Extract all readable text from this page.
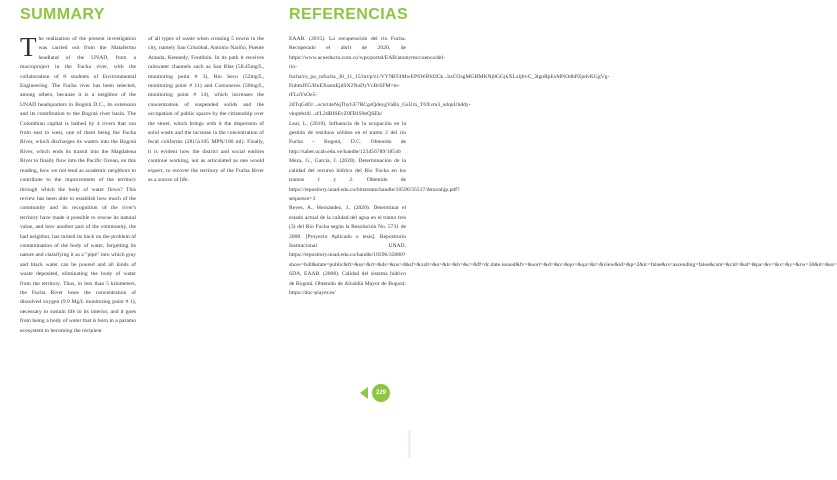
SUMMARY	REFERENCIAS
The realization of the present investigation was carried out from the Matafermo headland of the UNAD, from a macroproject in the Fucha river, with the collaboration of 8 students of Environmental Engineering. The Fucha river has been selected, among others, because it is a neighbor of the UNAD headquarters in Bogotá D.C., its extension and its contribution to the Bogotá river basin. The Colombian capital is bathed by 4 rivers that run from east to west, one of them being the Fucha River, which discharges its waters into the Bogotá River, which ends its transit into the Magdalena River to finally flow into the Pacific Ocean, on this reading, how we not tend as academic neighbors to contribute to the improvement of the territory through which the body of water flows? This review has been able to establish how much of the community and its recognition of the river's territory have made it possible to rescue its natural value, and how another part of the community, the bad neighbor, has turned its back on the problem of contamination of the body of water, forgetting its nature and classifying it as a "pipe" into which gray and black water can be poured and all kinds of waste deposited, eliminating the body of water from the territory. Thus, in less than 5 kilometers, the Fucha River loses the concentration of dissolved oxygen (9.9 Mg/L monitoring point # 1), necessary to sustain life in its interior, and it goes from being a body of water that is born in a paramo ecosystem to becoming the recipient
of all types of waste when crossing 5 towns in the city, namely San Cristóbal, Antonio Nariño, Puente Aranda, Kennedy, Fontibón. In its path it receives rainwater channels such as San Blas (58.45mg/L, monitoring point # 3), Río Seco (52mg/L, monitoring point # 11) and Comuneros (50mg/L, monitoring point # 14), which increases the concentration of suspended solids and the occupation of public spaces by the citizenship over the street, which brings with it the dispersion of solid waste and the increase in the concentration of fecal coliforms (2815x105 MPN/100 ml). Finally, it is evident how the district and social entities continue working, not as articulated as one would expect, to recover the territory of the Fucha River as a source of life.
EAAB. (2015). La recuperación del río Fucha. Recuperado el abril de 2020, de https://www.acueducto.com.co/wps/portal/EAB/anonyms/cuenca/del-rio-fucha/ro_pa_rofucha_30_11_15/lut/p/z1/VY9BT4MwEPSWBfd3Ck...bzCOsgMGHMKNj8GGjkXLxljltvC_3lgnRpEsMNOdbPZpdvKGgVg-FnbmJFG/BnEXssmEjdSX2NuDyVcBrSFM=m-tFLnYsOe5-2dTqGdO/...ocn/t4eNqThyGF7RCgsQdeygVaBx_GsUrn_T6Xvm3_sdqnUhddy-vkqtebzd/...d/L2dBISEvZ0FBIS9nQSEh/
Leal, L. (2019). Influencia de la ocupación en la gestión de residuos sólidos en el tramo 2 del río Fucha – Bogotá, D.C. Obtenido de http://saber.ucab.edu.ve/handle/123456789/18546
Meza, G., García, J. (2020). Determinación de la calidad del recurso hídrico del Río Fucha en los tramos 1 y 2. Obtenido de https://repository.unad.edu.co/bitstream/handle/10596/35517/dmorahjp.pdf?sequence=3
Reyes, A., Hernández, J., (2020). Determinar el estado actual de la calidad del agua en el tramo tres (3) del Río Fucha según la Resolución No. 5731 de 2008. [Proyecto Aplicado o tesis]. Repositorio Institucional UNAD. https://repository.unad.edu.co/handle/10596/35880?show=full&state=public&ft=&ss=&rt=&ds=&ns=4&sf=&xslt=&o=&h=&b=&c=&ff=dc.date.issued&fv=&sort=&d=&n=&qo=&qa=&t=&view&id=&p=2&lc=false&rs=ascending=false&csm=&cid=&af=&pa=&v=&x=&y=&rw=30&it=&ss=
SDA, EAAB. (2008). Calidad del sistema hídrico de Bogotá. Obtenido de Alcaldía Mayor de Bogotá: https://doc-player.es/
229
